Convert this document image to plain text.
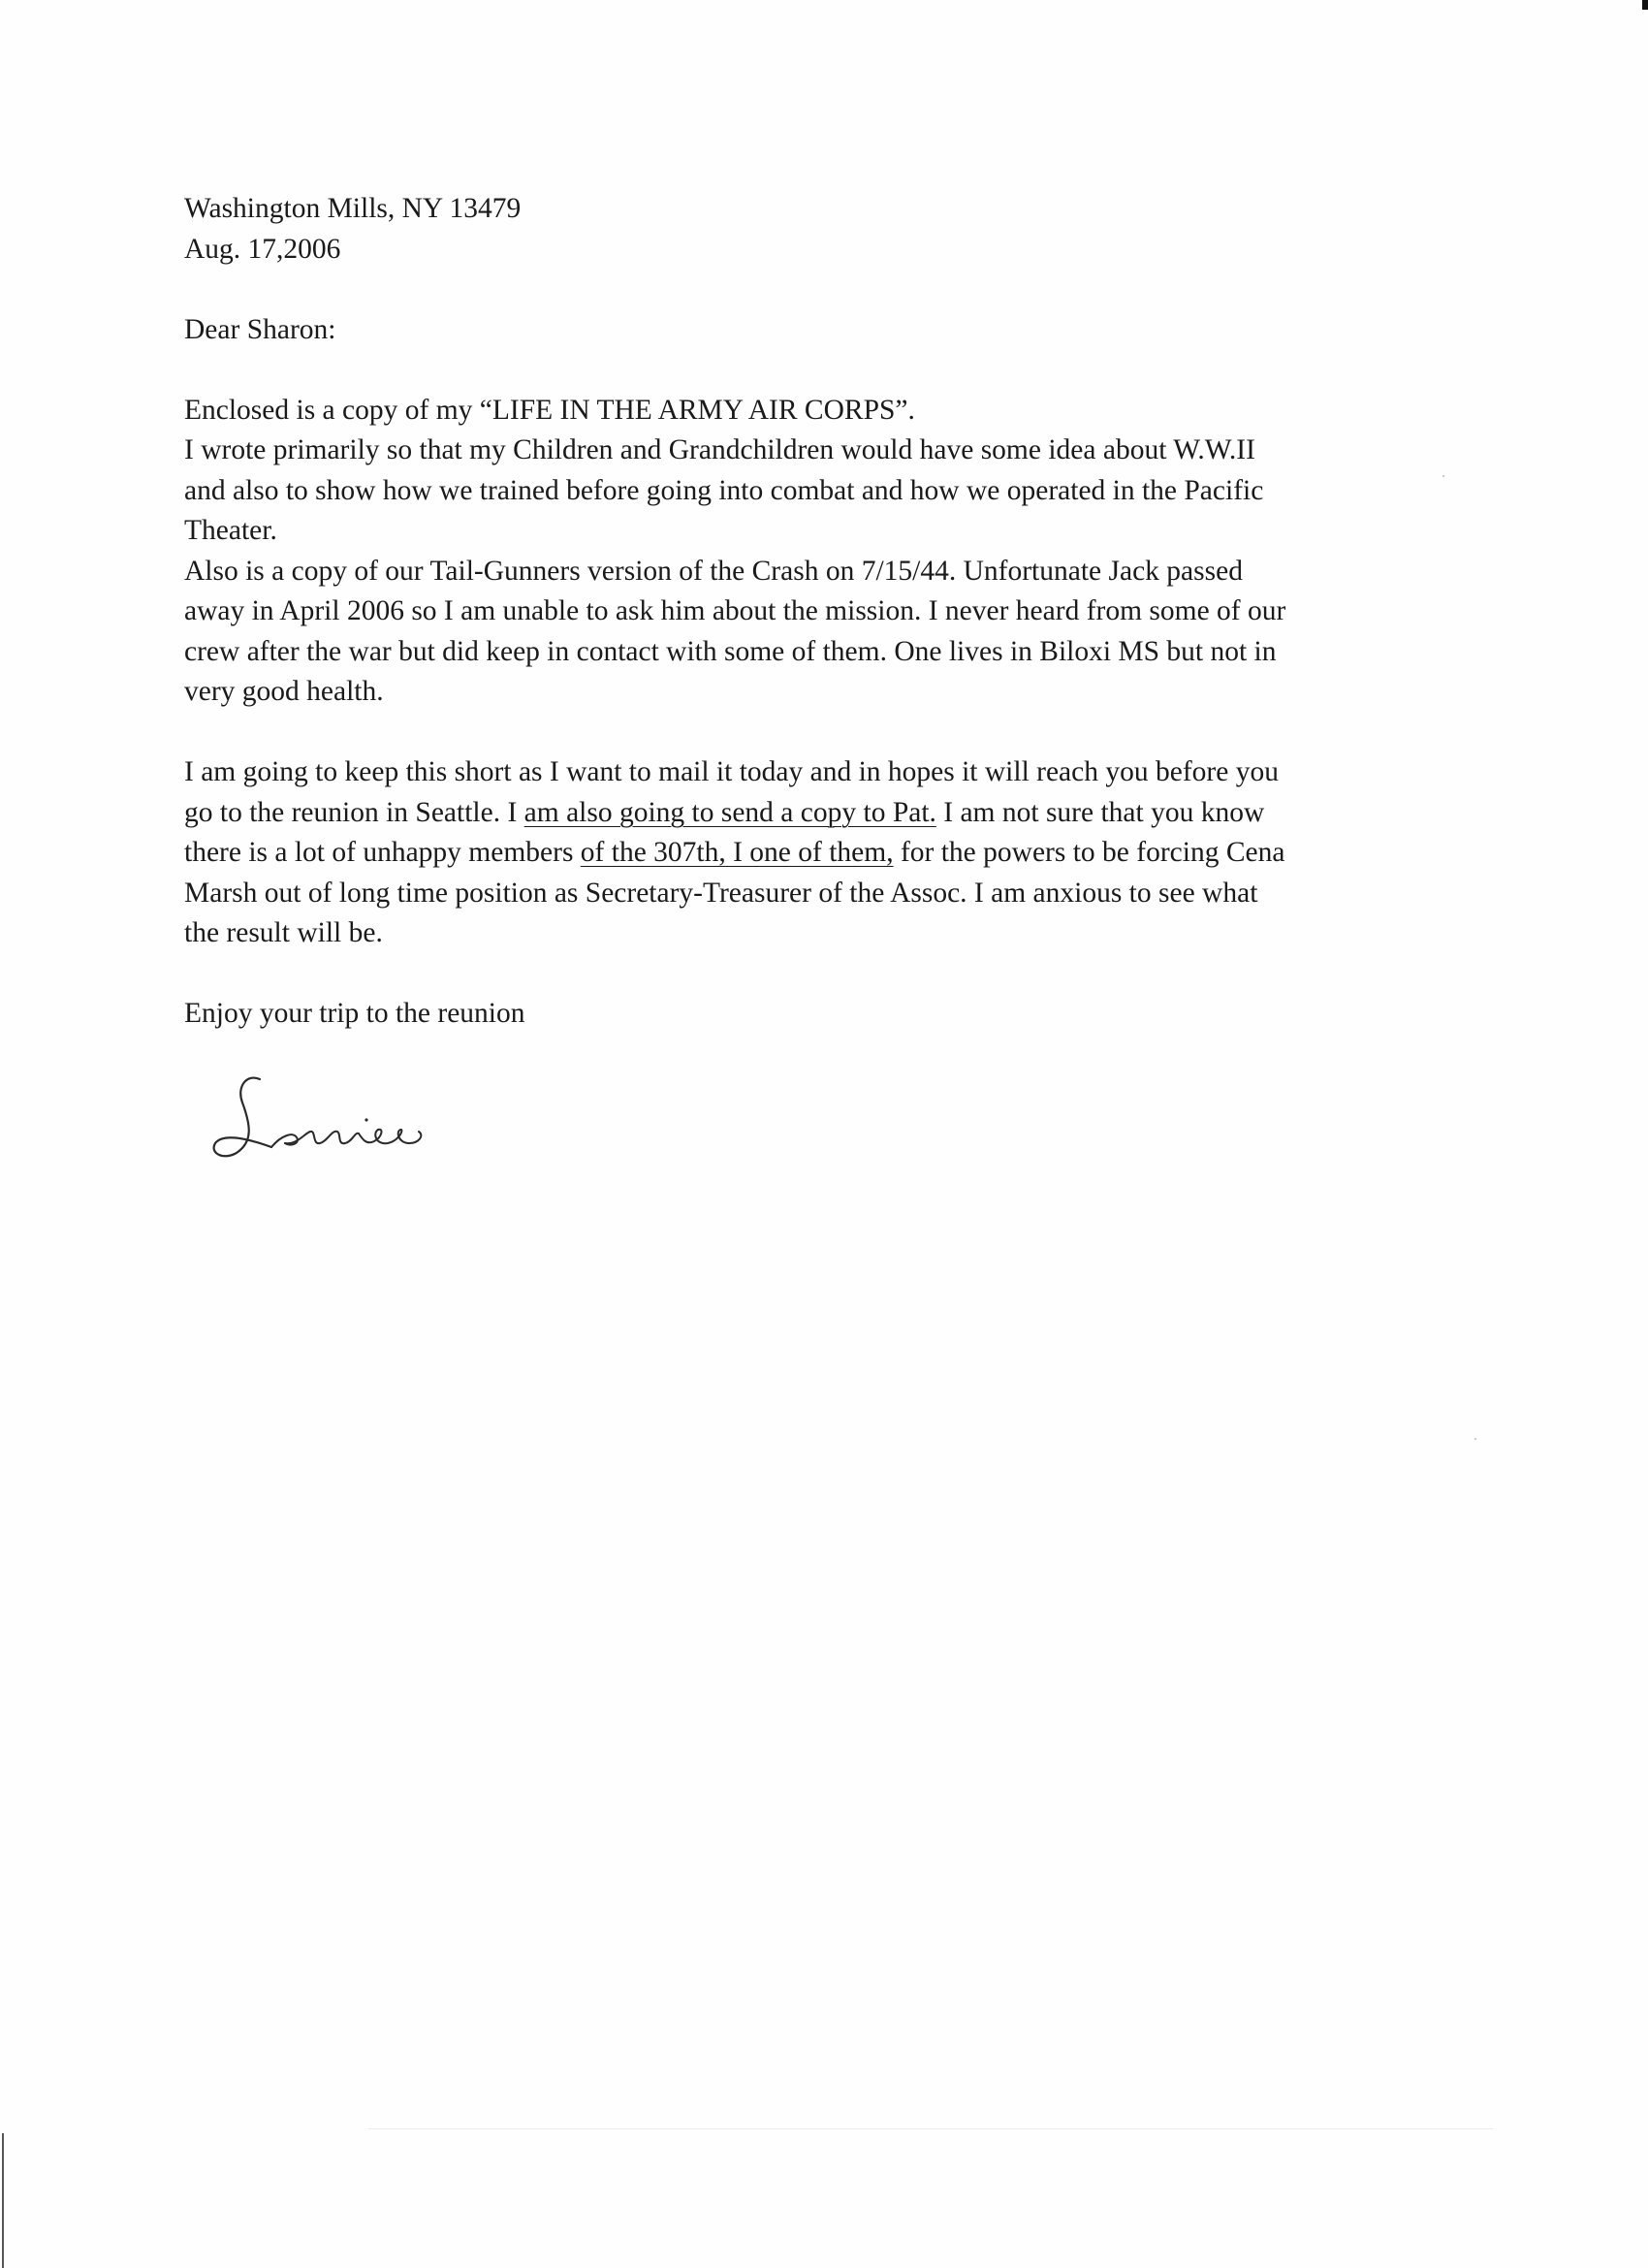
Washington Mills, NY 13479
Aug. 17,2006
Dear Sharon:
Enclosed is a copy of my “LIFE IN THE ARMY AIR CORPS”.
I wrote primarily so that my Children and Grandchildren would have some idea about W.W.II
and also to show how we trained before going into combat and how we operated in the Pacific
Theater.
Also is a copy of our Tail-Gunners version of the Crash on 7/15/44. Unfortunate Jack passed
away in April 2006 so I am unable to ask him about the mission. I never heard from some of our
crew after the war but did keep in contact with some of them. One lives in Biloxi MS but not in
very good health.
I am going to keep this short as I want to mail it today and in hopes it will reach you before you
go to the reunion in Seattle. I am also going to send a copy to Pat. I am not sure that you know
there is a lot of unhappy members of the 307th, I one of them, for the powers to be forcing Cena
Marsh out of long time position as Secretary-Treasurer of the Assoc. I am anxious to see what
the result will be.
Enjoy your trip to the reunion
